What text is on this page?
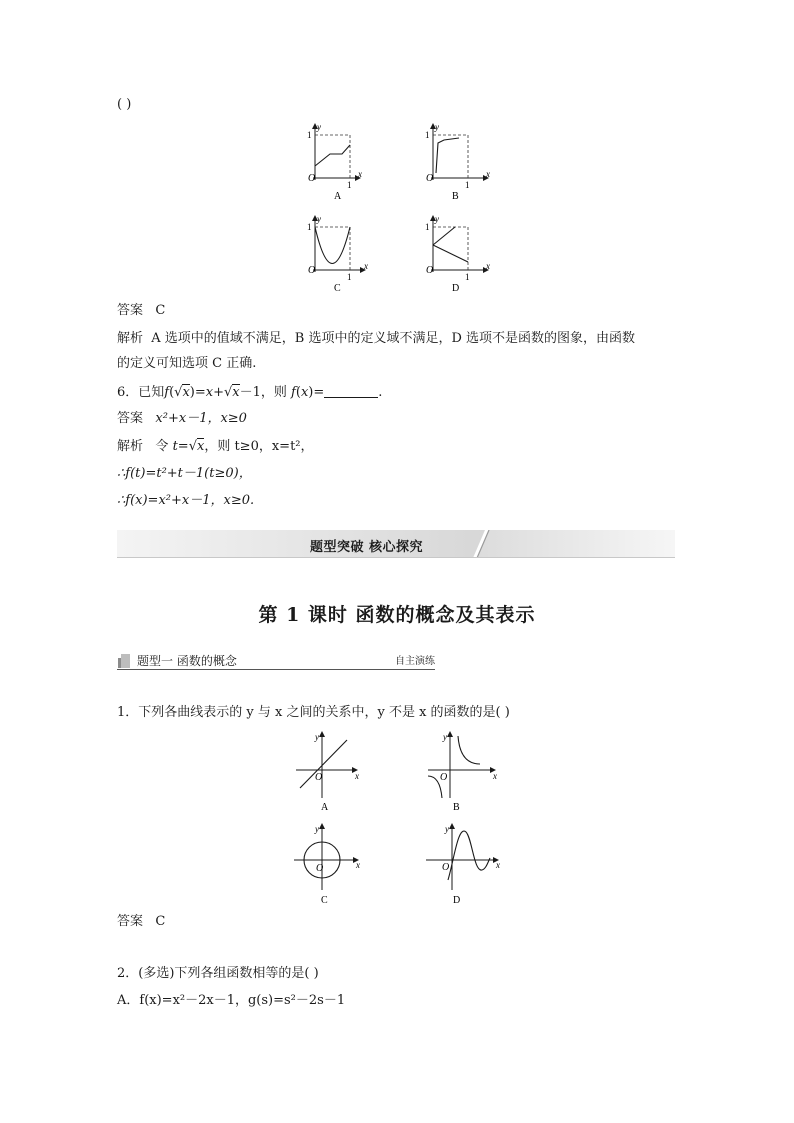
( )
O
1
1
x
y
A
O
1
1
x
y
B
O
1
1
x
y
C
O
1
1
x
y
D
答案 C
解析 A 选项中的值域不满足，B 选项中的定义域不满足，D 选项不是函数的图象，由函数
的定义可知选项 C 正确.
6．已知f(√x)=x+√x－1，则 f(x)=	.
答案 x²+x－1，x≥0
解析 令 t=√x，则 t≥0，x=t²，
∴f(t)=t²+t－1(t≥0)，
∴f(x)=x²+x－1，x≥0.
题型突破 核心探究
第 1 课时 函数的概念及其表示
题型一 函数的概念	自主演练
1．下列各曲线表示的 y 与 x 之间的关系中，y 不是 x 的函数的是( )
O	x
y
A
O	x
y
B
O	x
y
C
O	x
y
D
答案 C
2．(多选)下列各组函数相等的是( )
A．f(x)=x²－2x－1，g(s)=s²－2s－1
